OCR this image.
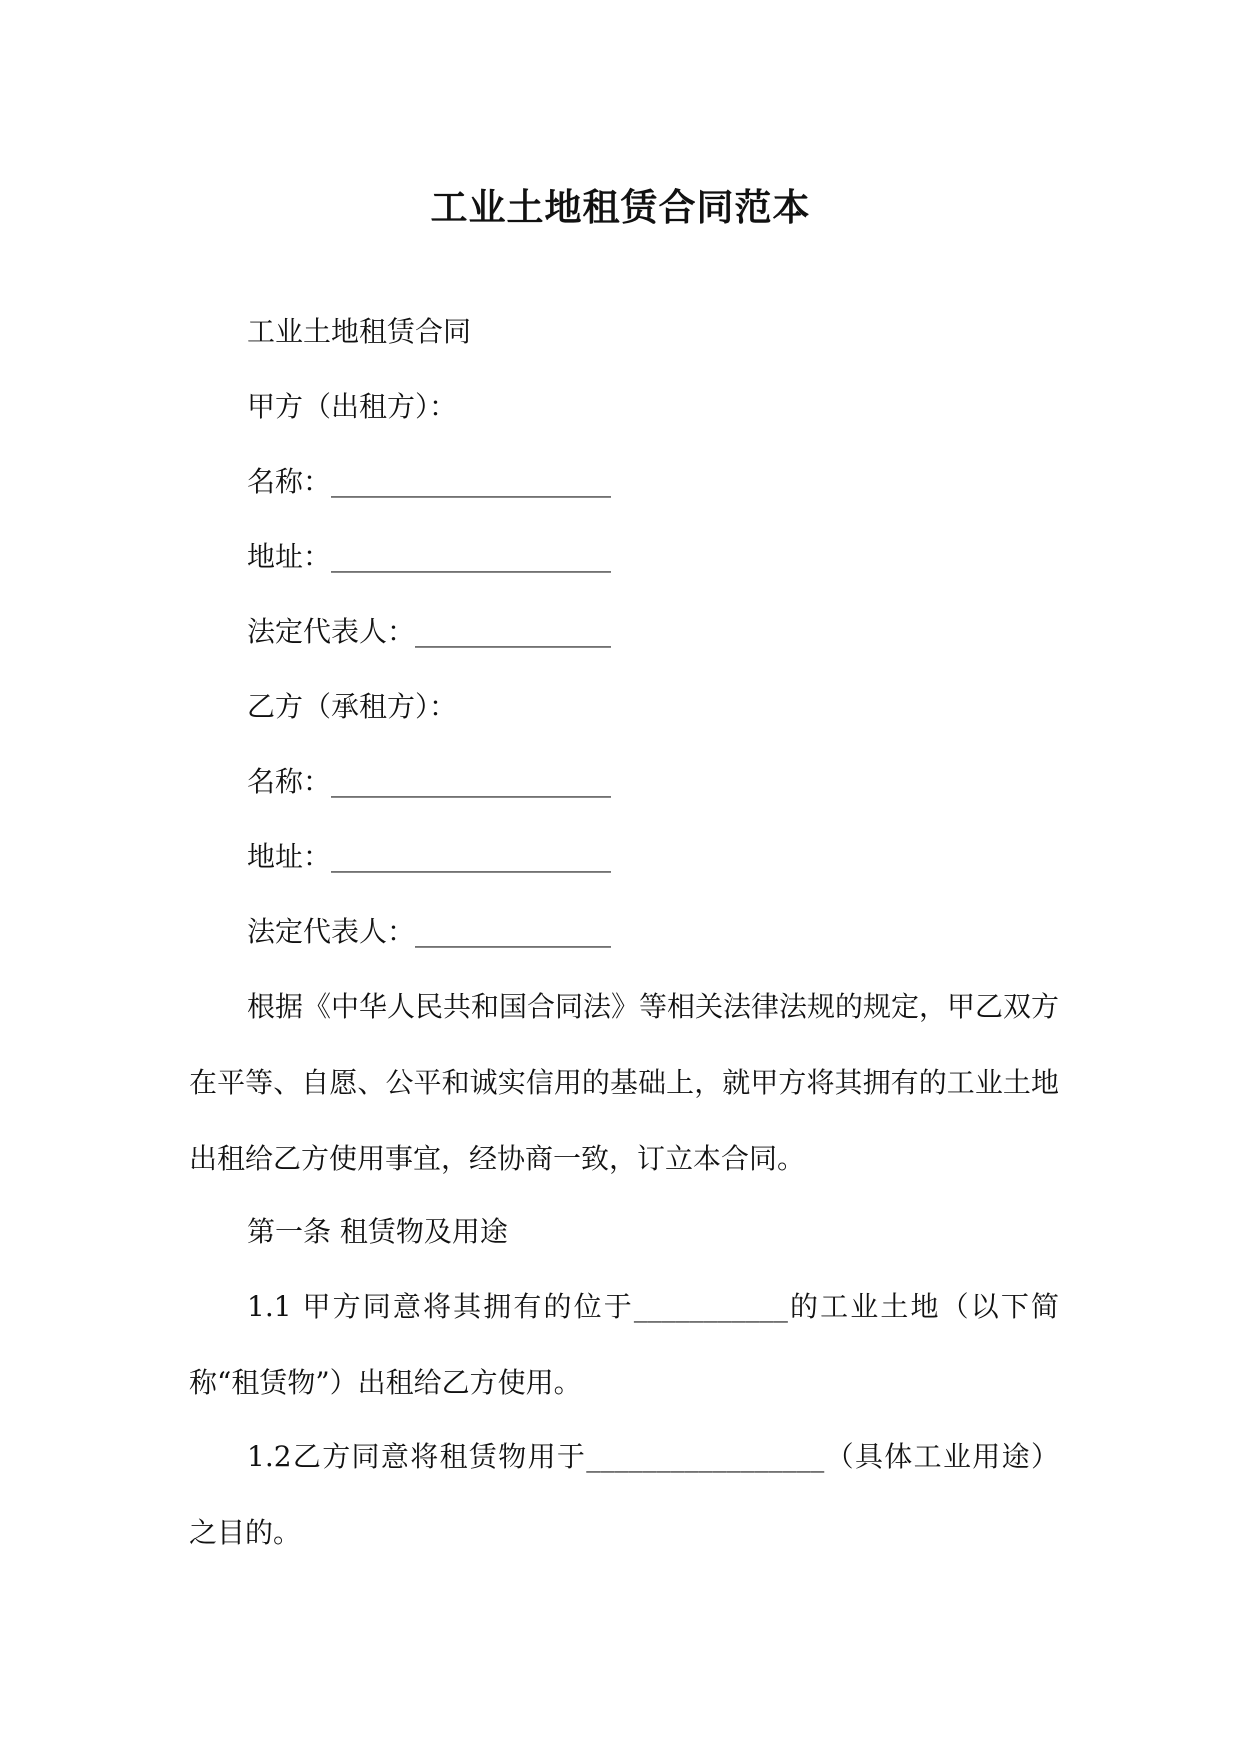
工业土地租赁合同范本

工业土地租赁合同

甲方（出租方）：

名称：____________________

地址：____________________

法定代表人：______________

乙方（承租方）：

名称：____________________

地址：____________________

法定代表人：______________

根据《中华人民共和国合同法》等相关法律法规的规定，甲乙双方在平等、自愿、公平和诚实信用的基础上，就甲方将其拥有的工业土地出租给乙方使用事宜，经协商一致，订立本合同。

第一条 租赁物及用途

1.1 甲方同意将其拥有的位于___________的工业土地（以下简称“租赁物”）出租给乙方使用。

1.2乙方同意将租赁物用于_________________（具体工业用途）之目的。
